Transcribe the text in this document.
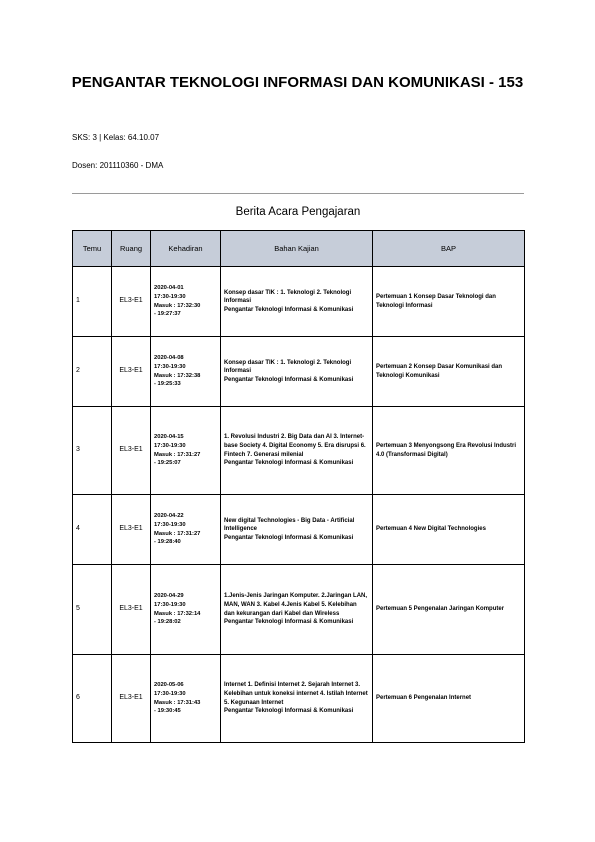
PENGANTAR TEKNOLOGI INFORMASI DAN KOMUNIKASI - 153
SKS: 3 | Kelas: 64.10.07
Dosen: 201110360 - DMA
Berita Acara Pengajaran
Temu	Ruang	Kehadiran	Bahan Kajian	BAP
1	EL3-E1	2020-04-01
17:30-19:30
Masuk : 17:32:30
- 19:27:37	Konsep dasar TIK : 1. Teknologi 2. Teknologi Informasi
Pengantar Teknologi Informasi & Komunikasi	Pertemuan 1 Konsep Dasar Teknologi dan Teknologi Informasi
2	EL3-E1	2020-04-08
17:30-19:30
Masuk : 17:32:38
- 19:25:33	Konsep dasar TIK : 1. Teknologi 2. Teknologi Informasi
Pengantar Teknologi Informasi & Komunikasi	Pertemuan 2 Konsep Dasar Komunikasi dan Teknologi Komunikasi
3	EL3-E1	2020-04-15
17:30-19:30
Masuk : 17:31:27
- 19:25:07	1. Revolusi Industri 2. Big Data dan AI 3. Internet-base Society 4. Digital Economy 5. Era disrupsi 6. Fintech 7. Generasi milenial
Pengantar Teknologi Informasi & Komunikasi	Pertemuan 3 Menyongsong Era Revolusi Industri 4.0 (Transformasi Digital)
4	EL3-E1	2020-04-22
17:30-19:30
Masuk : 17:31:27
- 19:28:40	New digital Technologies - Big Data - Artificial Intelligence
Pengantar Teknologi Informasi & Komunikasi	Pertemuan 4 New Digital Technologies
5	EL3-E1	2020-04-29
17:30-19:30
Masuk : 17:32:14
- 19:28:02	1.Jenis-Jenis Jaringan Komputer. 2.Jaringan LAN, MAN, WAN 3. Kabel 4.Jenis Kabel 5. Kelebihan dan kekurangan dari Kabel dan Wireless
Pengantar Teknologi Informasi & Komunikasi	Pertemuan 5 Pengenalan Jaringan Komputer
6	EL3-E1	2020-05-06
17:30-19:30
Masuk : 17:31:43
- 19:30:45	Internet 1. Definisi Internet 2. Sejarah Internet 3. Kelebihan untuk koneksi internet 4. Istilah Internet 5. Kegunaan Internet
Pengantar Teknologi Informasi & Komunikasi	Pertemuan 6 Pengenalan Internet
